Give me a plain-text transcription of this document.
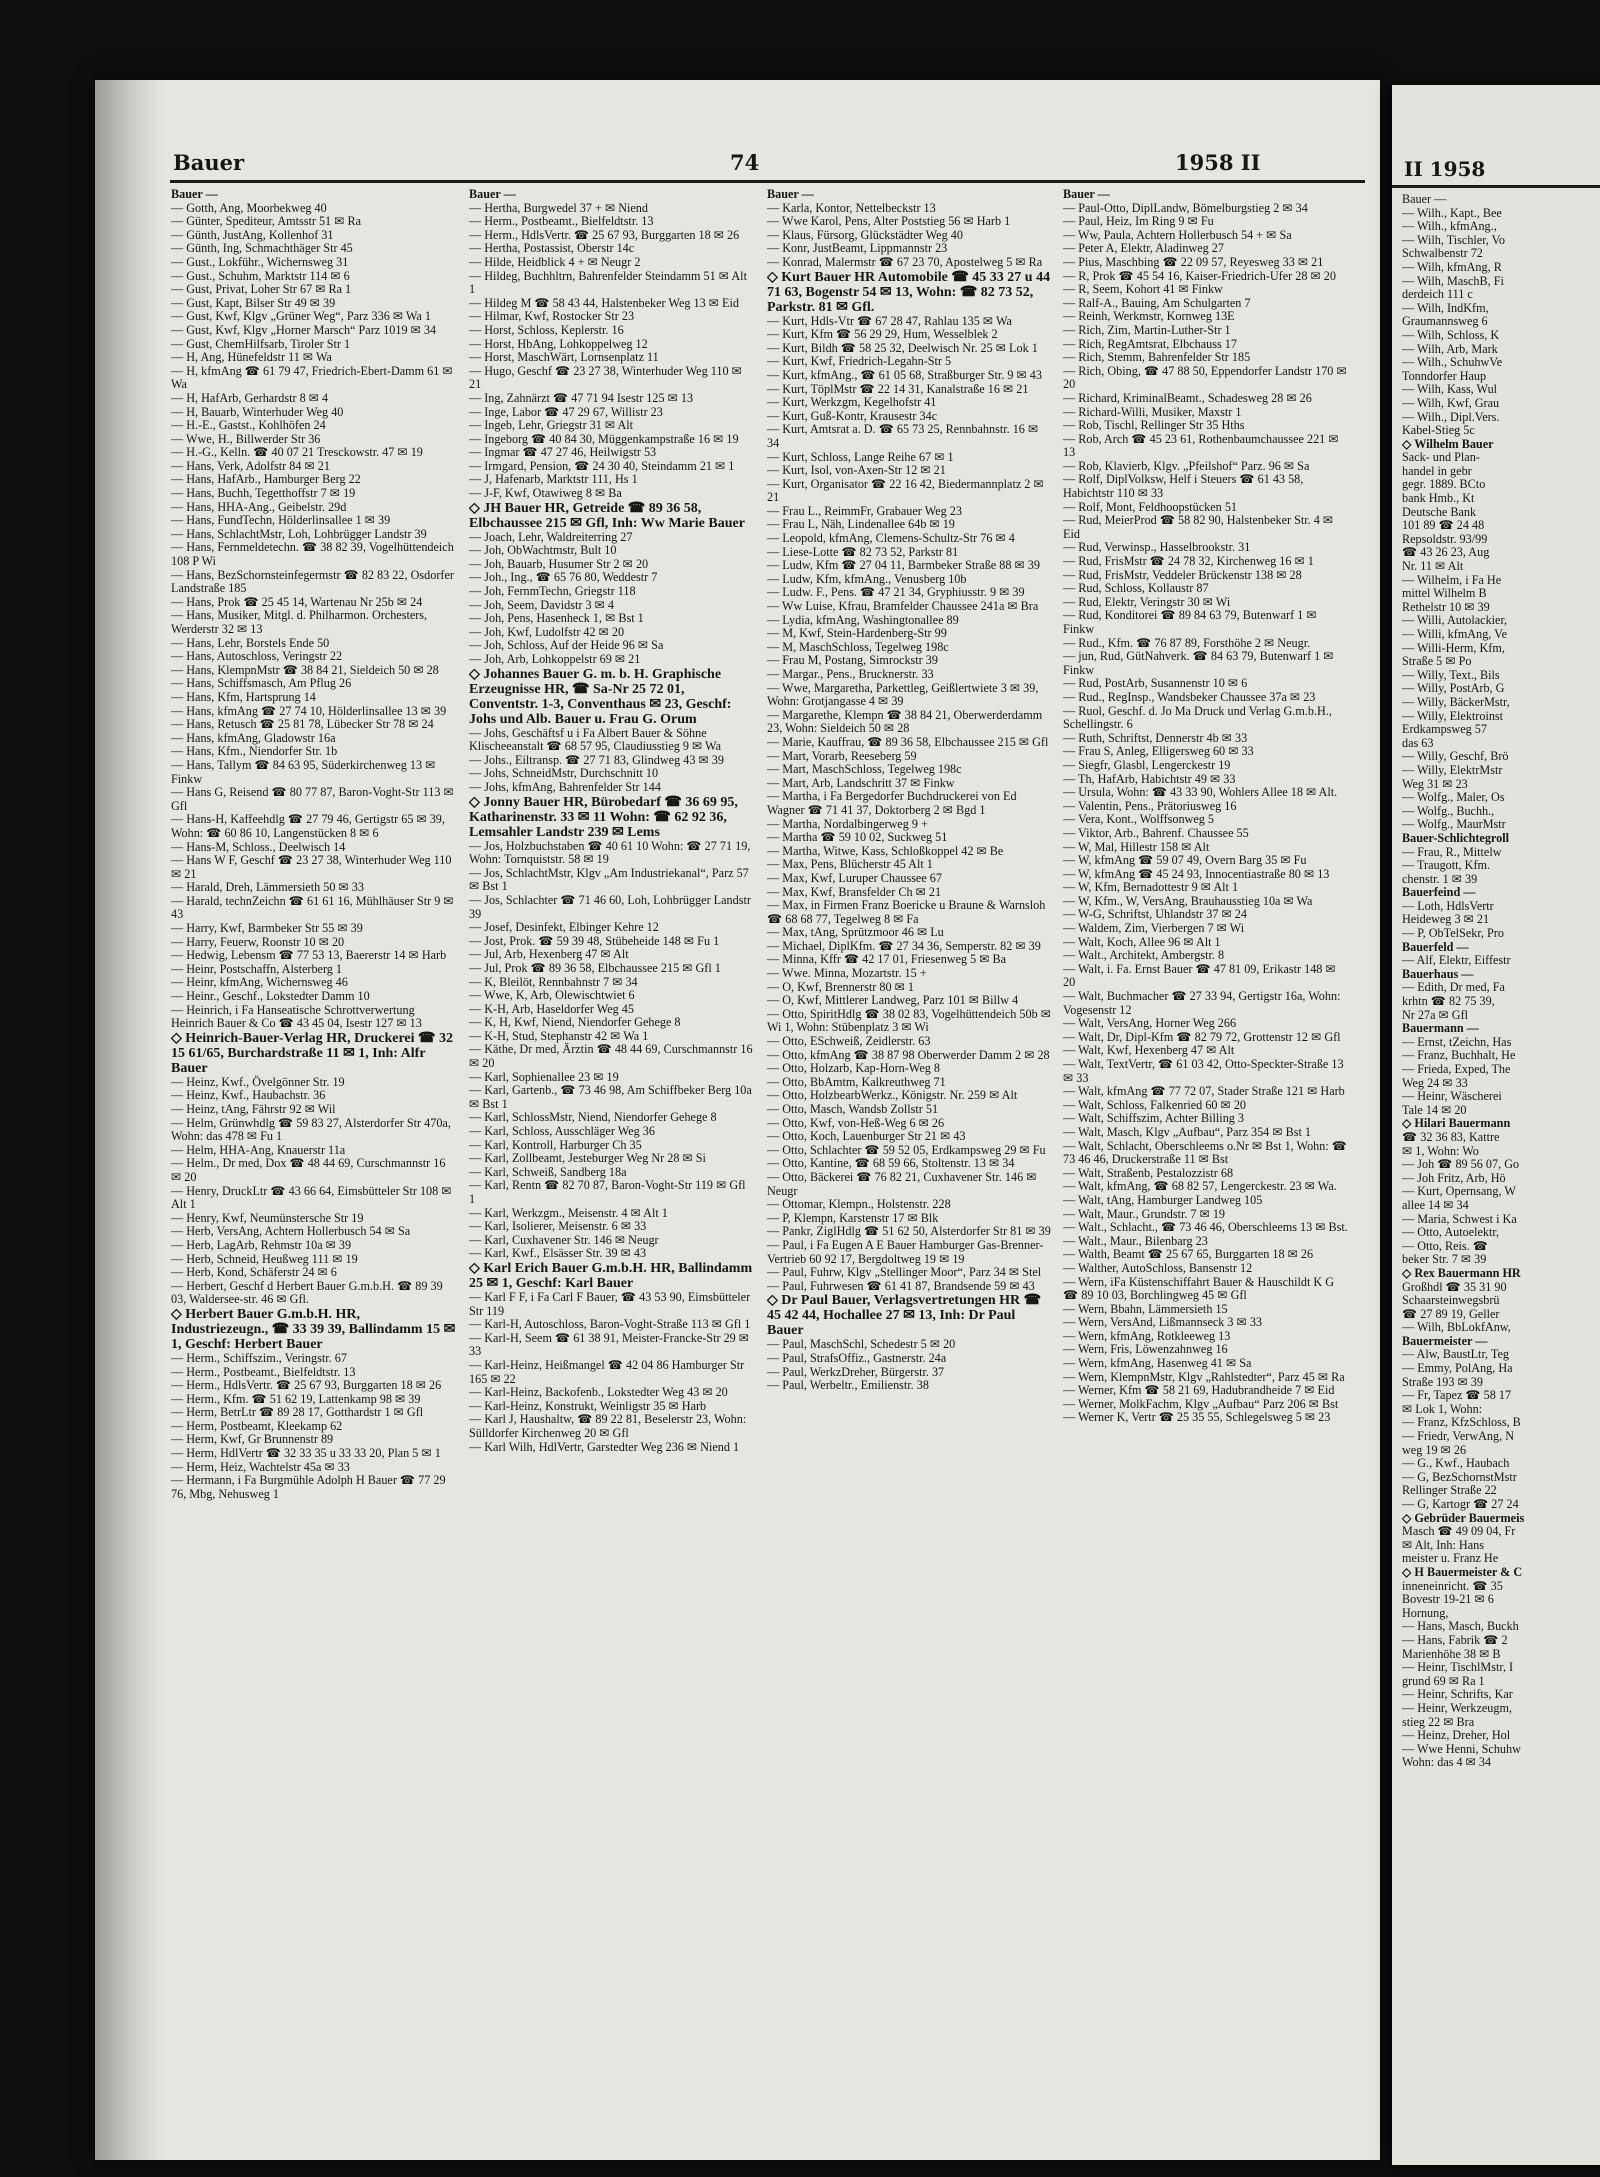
Bauer	74	1958 II

Bauer —

— Gotth, Ang, Moorbekweg 40

— Günter, Spediteur, Amtsstr 51 ✉ Ra

— Günth, JustAng, Kollenhof 31

— Günth, Ing, Schmachthäger Str 45

— Gust., Lokführ., Wichernsweg 31

— Gust., Schuhm, Marktstr 114 ✉ 6

— Gust, Privat, Loher Str 67 ✉ Ra 1

— Gust, Kapt, Bilser Str 49 ✉ 39

— Gust, Kwf, Klgv „Grüner Weg“, Parz 336 ✉ Wa 1

— Gust, Kwf, Klgv „Horner Marsch“ Parz 1019 ✉ 34

— Gust, ChemHilfsarb, Tiroler Str 1

— H, Ang, Hünefeldstr 11 ✉ Wa

— H, kfmAng ☎ 61 79 47, Friedrich-Ebert-Damm 61 ✉ Wa

— H, HafArb, Gerhardstr 8 ✉ 4

— H, Bauarb, Winterhuder Weg 40

— H.-E., Gastst., Kohlhöfen 24

— Wwe, H., Billwerder Str 36

— H.-G., Kelln. ☎ 40 07 21 Tresckowstr. 47 ✉ 19

— Hans, Verk, Adolfstr 84 ✉ 21

— Hans, HafArb., Hamburger Berg 22

— Hans, Buchh, Tegetthoffstr 7 ✉ 19

— Hans, HHA-Ang., Geibelstr. 29d

— Hans, FundTechn, Hölderlinsallee 1 ✉ 39

— Hans, SchlachtMstr, Loh, Lohbrügger Landstr 39

— Hans, Fernmeldetechn. ☎ 38 82 39, Vogelhüttendeich 108 P Wi

— Hans, BezSchornsteinfegermstr ☎ 82 83 22, Osdorfer Landstraße 185

— Hans, Prok ☎ 25 45 14, Wartenau Nr 25b ✉ 24

— Hans, Musiker, Mitgl. d. Philharmon. Orchesters, Werderstr 32 ✉ 13

— Hans, Lehr, Borstels Ende 50

— Hans, Autoschloss, Veringstr 22

— Hans, KlempnMstr ☎ 38 84 21, Sieldeich 50 ✉ 28

— Hans, Schiffsmasch, Am Pflug 26

— Hans, Kfm, Hartsprung 14

— Hans, kfmAng ☎ 27 74 10, Hölderlinsallee 13 ✉ 39

— Hans, Retusch ☎ 25 81 78, Lübecker Str 78 ✉ 24

— Hans, kfmAng, Gladowstr 16a

— Hans, Kfm., Niendorfer Str. 1b

— Hans, Tallym ☎ 84 63 95, Süderkirchenweg 13 ✉ Finkw

— Hans G, Reisend ☎ 80 77 87, Baron-Voght-Str 113 ✉ Gfl

— Hans-H, Kaffeehdlg ☎ 27 79 46, Gertigstr 65 ✉ 39, Wohn: ☎ 60 86 10, Langenstücken 8 ✉ 6

— Hans-M, Schloss., Deelwisch 14

— Hans W F, Geschf ☎ 23 27 38, Winterhuder Weg 110 ✉ 21

— Harald, Dreh, Lämmersieth 50 ✉ 33

— Harald, technZeichn ☎ 61 61 16, Mühlhäuser Str 9 ✉ 43

— Harry, Kwf, Barmbeker Str 55 ✉ 39

— Harry, Feuerw, Roonstr 10 ✉ 20

— Hedwig, Lebensm ☎ 77 53 13, Baererstr 14 ✉ Harb

— Heinr, Postschaffn, Alsterberg 1

— Heinr, kfmAng, Wichernsweg 46

— Heinr., Geschf., Lokstedter Damm 10

— Heinrich, i Fa Hanseatische Schrottverwertung Heinrich Bauer & Co ☎ 43 45 04, Isestr 127 ✉ 13

◇ Heinrich-Bauer-Verlag HR, Druckerei ☎ 32 15 61/65, Burchardstraße 11 ✉ 1, Inh: Alfr Bauer

— Heinz, Kwf., Övelgönner Str. 19

— Heinz, Kwf., Haubachstr. 36

— Heinz, tAng, Fährstr 92 ✉ Wil

— Helm, Grünwhdlg ☎ 59 83 27, Alsterdorfer Str 470a, Wohn: das 478 ✉ Fu 1

— Helm, HHA-Ang, Knauerstr 11a

— Helm., Dr med, Dox ☎ 48 44 69, Curschmannstr 16 ✉ 20

— Henry, DruckLtr ☎ 43 66 64, Eimsbütteler Str 108 ✉ Alt 1

— Henry, Kwf, Neumünstersche Str 19

— Herb, VersAng, Achtern Hollerbusch 54 ✉ Sa

— Herb, LagArb, Rehmstr 10a ✉ 39

— Herb, Schneid, Heußweg 111 ✉ 19

— Herb, Kond, Schäferstr 24 ✉ 6

— Herbert, Geschf d Herbert Bauer G.m.b.H. ☎ 89 39 03, Waldersee-str. 46 ✉ Gfl.

◇ Herbert Bauer G.m.b.H. HR, Industriezeugn., ☎ 33 39 39, Ballindamm 15 ✉ 1, Geschf: Herbert Bauer

— Herm., Schiffszim., Veringstr. 67

— Herm., Postbeamt., Bielfeldtstr. 13

— Herm., HdlsVertr. ☎ 25 67 93, Burggarten 18 ✉ 26

— Herm., Kfm. ☎ 51 62 19, Lattenkamp 98 ✉ 39

— Herm, BetrLtr ☎ 89 28 17, Gotthardstr 1 ✉ Gfl

— Herm, Postbeamt, Kleekamp 62

— Herm, Kwf, Gr Brunnenstr 89

— Herm, HdlVertr ☎ 32 33 35 u 33 33 20, Plan 5 ✉ 1

— Herm, Heiz, Wachtelstr 45a ✉ 33

— Hermann, i Fa Burgmühle Adolph H Bauer ☎ 77 29 76, Mbg, Nehusweg 1

Bauer —

— Hertha, Burgwedel 37 + ✉ Niend

— Herm., Postbeamt., Bielfeldtstr. 13

— Herm., HdlsVertr. ☎ 25 67 93, Burggarten 18 ✉ 26

— Hertha, Postassist, Oberstr 14c

— Hilde, Heidblick 4 + ✉ Neugr 2

— Hildeg, Buchhltrn, Bahrenfelder Steindamm 51 ✉ Alt 1

— Hildeg M ☎ 58 43 44, Halstenbeker Weg 13 ✉ Eid

— Hilmar, Kwf, Rostocker Str 23

— Horst, Schloss, Keplerstr. 16

— Horst, HbAng, Lohkoppelweg 12

— Horst, MaschWärt, Lornsenplatz 11

— Hugo, Geschf ☎ 23 27 38, Winterhuder Weg 110 ✉ 21

— Ing, Zahnärzt ☎ 47 71 94 Isestr 125 ✉ 13

— Inge, Labor ☎ 47 29 67, Willistr 23

— Ingeb, Lehr, Griegstr 31 ✉ Alt

— Ingeborg ☎ 40 84 30, Müggenkampstraße 16 ✉ 19

— Ingmar ☎ 47 27 46, Heilwigstr 53

— Irmgard, Pension, ☎ 24 30 40, Steindamm 21 ✉ 1

— J, Hafenarb, Marktstr 111, Hs 1

— J-F, Kwf, Otawiweg 8 ✉ Ba

◇ JH Bauer HR, Getreide ☎ 89 36 58, Elbchaussee 215 ✉ Gfl, Inh: Ww Marie Bauer

— Joach, Lehr, Waldreiterring 27

— Joh, ObWachtmstr, Bult 10

— Joh, Bauarb, Husumer Str 2 ✉ 20

— Joh., Ing., ☎ 65 76 80, Weddestr 7

— Joh, FernmTechn, Griegstr 118

— Joh, Seem, Davidstr 3 ✉ 4

— Joh, Pens, Hasenheck 1, ✉ Bst 1

— Joh, Kwf, Ludolfstr 42 ✉ 20

— Joh, Schloss, Auf der Heide 96 ✉ Sa

— Joh, Arb, Lohkoppelstr 69 ✉ 21

◇ Johannes Bauer G. m. b. H. Graphische Erzeugnisse HR, ☎ Sa-Nr 25 72 01, Conventstr. 1-3, Conventhaus ✉ 23, Geschf: Johs und Alb. Bauer u. Frau G. Orum

— Johs, Geschäftsf u i Fa Albert Bauer & Söhne Klischeeanstalt ☎ 68 57 95, Claudiusstieg 9 ✉ Wa

— Johs., Eiltransp. ☎ 27 71 83, Glindweg 43 ✉ 39

— Johs, SchneidMstr, Durchschnitt 10

— Johs, kfmAng, Bahrenfelder Str 144

◇ Jonny Bauer HR, Bürobedarf ☎ 36 69 95, Katharinenstr. 33 ✉ 11 Wohn: ☎ 62 92 36, Lemsahler Landstr 239 ✉ Lems

— Jos, Holzbuchstaben ☎ 40 61 10 Wohn: ☎ 27 71 19, Wohn: Tornquiststr. 58 ✉ 19

— Jos, SchlachtMstr, Klgv „Am Industriekanal“, Parz 57 ✉ Bst 1

— Jos, Schlachter ☎ 71 46 60, Loh, Lohbrügger Landstr 39

— Josef, Desinfekt, Elbinger Kehre 12

— Jost, Prok. ☎ 59 39 48, Stübeheide 148 ✉ Fu 1

— Jul, Arb, Hexenberg 47 ✉ Alt

— Jul, Prok ☎ 89 36 58, Elbchaussee 215 ✉ Gfl 1

— K, Bleilöt, Rennbahnstr 7 ✉ 34

— Wwe, K, Arb, Olewischtwiet 6

— K-H, Arb, Haseldorfer Weg 45

— K, H, Kwf, Niend, Niendorfer Gehege 8

— K-H, Stud, Stephanstr 42 ✉ Wa 1

— Käthe, Dr med, Ärztin ☎ 48 44 69, Curschmannstr 16 ✉ 20

— Karl, Sophienallee 23 ✉ 19

— Karl, Gartenb., ☎ 73 46 98, Am Schiffbeker Berg 10a ✉ Bst 1

— Karl, SchlossMstr, Niend, Niendorfer Gehege 8

— Karl, Schloss, Ausschläger Weg 36

— Karl, Kontroll, Harburger Ch 35

— Karl, Zollbeamt, Jesteburger Weg Nr 28 ✉ Si

— Karl, Schweiß, Sandberg 18a

— Karl, Rentn ☎ 82 70 87, Baron-Voght-Str 119 ✉ Gfl 1

— Karl, Werkzgm., Meisenstr. 4 ✉ Alt 1

— Karl, Isolierer, Meisenstr. 6 ✉ 33

— Karl, Cuxhavener Str. 146 ✉ Neugr

— Karl, Kwf., Elsässer Str. 39 ✉ 43

◇ Karl Erich Bauer G.m.b.H. HR, Ballindamm 25 ✉ 1, Geschf: Karl Bauer

— Karl F F, i Fa Carl F Bauer, ☎ 43 53 90, Eimsbütteler Str 119

— Karl-H, Autoschloss, Baron-Voght-Straße 113 ✉ Gfl 1

— Karl-H, Seem ☎ 61 38 91, Meister-Francke-Str 29 ✉ 33

— Karl-Heinz, Heißmangel ☎ 42 04 86 Hamburger Str 165 ✉ 22

— Karl-Heinz, Backofenb., Lokstedter Weg 43 ✉ 20

— Karl-Heinz, Konstrukt, Weinligstr 35 ✉ Harb

— Karl J, Haushaltw, ☎ 89 22 81, Beselerstr 23, Wohn: Sülldorfer Kirchenweg 20 ✉ Gfl

— Karl Wilh, HdlVertr, Garstedter Weg 236 ✉ Niend 1

Bauer —

— Karla, Kontor, Nettelbeckstr 13

— Wwe Karol, Pens, Alter Poststieg 56 ✉ Harb 1

— Klaus, Fürsorg, Glückstädter Weg 40

— Konr, JustBeamt, Lippmannstr 23

— Konrad, Malermstr ☎ 67 23 70, Apostelweg 5 ✉ Ra

◇ Kurt Bauer HR Automobile ☎ 45 33 27 u 44 71 63, Bogenstr 54 ✉ 13, Wohn: ☎ 82 73 52, Parkstr. 81 ✉ Gfl.

— Kurt, Hdls-Vtr ☎ 67 28 47, Rahlau 135 ✉ Wa

— Kurt, Kfm ☎ 56 29 29, Hum, Wesselblek 2

— Kurt, Bildh ☎ 58 25 32, Deelwisch Nr. 25 ✉ Lok 1

— Kurt, Kwf, Friedrich-Legahn-Str 5

— Kurt, kfmAng., ☎ 61 05 68, Straßburger Str. 9 ✉ 43

— Kurt, TöplMstr ☎ 22 14 31, Kanalstraße 16 ✉ 21

— Kurt, Werkzgm, Kegelhofstr 41

— Kurt, Guß-Kontr, Krausestr 34c

— Kurt, Amtsrat a. D. ☎ 65 73 25, Rennbahnstr. 16 ✉ 34

— Kurt, Schloss, Lange Reihe 67 ✉ 1

— Kurt, Isol, von-Axen-Str 12 ✉ 21

— Kurt, Organisator ☎ 22 16 42, Biedermannplatz 2 ✉ 21

— Frau L., ReimmFr, Grabauer Weg 23

— Frau L, Näh, Lindenallee 64b ✉ 19

— Leopold, kfmAng, Clemens-Schultz-Str 76 ✉ 4

— Liese-Lotte ☎ 82 73 52, Parkstr 81

— Ludw, Kfm ☎ 27 04 11, Barmbeker Straße 88 ✉ 39

— Ludw, Kfm, kfmAng., Venusberg 10b

— Ludw. F., Pens. ☎ 47 21 34, Gryphiusstr. 9 ✉ 39

— Ww Luise, Kfrau, Bramfelder Chaussee 241a ✉ Bra

— Lydia, kfmAng, Washingtonallee 89

— M, Kwf, Stein-Hardenberg-Str 99

— M, MaschSchloss, Tegelweg 198c

— Frau M, Postang, Simrockstr 39

— Margar., Pens., Brucknerstr. 33

— Wwe, Margaretha, Parkettleg, Geißlertwiete 3 ✉ 39, Wohn: Grotjangasse 4 ✉ 39

— Margarethe, Klempn ☎ 38 84 21, Oberwerderdamm 23, Wohn: Sieldeich 50 ✉ 28

— Marie, Kauffrau, ☎ 89 36 58, Elbchaussee 215 ✉ Gfl

— Mart, Vorarb, Reeseberg 59

— Mart, MaschSchloss, Tegelweg 198c

— Mart, Arb, Landschritt 37 ✉ Finkw

— Martha, i Fa Bergedorfer Buchdruckerei von Ed Wagner ☎ 71 41 37, Doktorberg 2 ✉ Bgd 1

— Martha, Nordalbingerweg 9 +

— Martha ☎ 59 10 02, Suckweg 51

— Martha, Witwe, Kass, Schloßkoppel 42 ✉ Be

— Max, Pens, Blücherstr 45 Alt 1

— Max, Kwf, Luruper Chaussee 67

— Max, Kwf, Bransfelder Ch ✉ 21

— Max, in Firmen Franz Boericke u Braune & Warnsloh ☎ 68 68 77, Tegelweg 8 ✉ Fa

— Max, tAng, Sprützmoor 46 ✉ Lu

— Michael, DiplKfm. ☎ 27 34 36, Semperstr. 82 ✉ 39

— Minna, Kffr ☎ 42 17 01, Friesenweg 5 ✉ Ba

— Wwe. Minna, Mozartstr. 15 +

— O, Kwf, Brennerstr 80 ✉ 1

— O, Kwf, Mittlerer Landweg, Parz 101 ✉ Billw 4

— Otto, SpiritHdlg ☎ 38 02 83, Vogelhüttendeich 50b ✉ Wi 1, Wohn: Stübenplatz 3 ✉ Wi

— Otto, ESchweiß, Zeidlerstr. 63

— Otto, kfmAng ☎ 38 87 98 Oberwerder Damm 2 ✉ 28

— Otto, Holzarb, Kap-Horn-Weg 8

— Otto, BbAmtm, Kalkreuthweg 71

— Otto, HolzbearbWerkz., Königstr. Nr. 259 ✉ Alt

— Otto, Masch, Wandsb Zollstr 51

— Otto, Kwf, von-Heß-Weg 6 ✉ 26

— Otto, Koch, Lauenburger Str 21 ✉ 43

— Otto, Schlachter ☎ 59 52 05, Erdkampsweg 29 ✉ Fu

— Otto, Kantine, ☎ 68 59 66, Stoltenstr. 13 ✉ 34

— Otto, Bäckerei ☎ 76 82 21, Cuxhavener Str. 146 ✉ Neugr

— Ottomar, Klempn., Holstenstr. 228

— P, Klempn, Karstenstr 17 ✉ Blk

— Pankr, ZiglHdlg ☎ 51 62 50, Alsterdorfer Str 81 ✉ 39

— Paul, i Fa Eugen A E Bauer Hamburger Gas-Brenner-Vertrieb 60 92 17, Bergdoltweg 19 ✉ 19

— Paul, Fuhrw, Klgv „Stellinger Moor“, Parz 34 ✉ Stel

— Paul, Fuhrwesen ☎ 61 41 87, Brandsende 59 ✉ 43

◇ Dr Paul Bauer, Verlagsvertretungen HR ☎ 45 42 44, Hochallee 27 ✉ 13, Inh: Dr Paul Bauer

— Paul, MaschSchl, Schedestr 5 ✉ 20

— Paul, StrafsOffiz., Gastnerstr. 24a

— Paul, WerkzDreher, Bürgerstr. 37

— Paul, Werbeltr., Emilienstr. 38

Bauer —

— Paul-Otto, DiplLandw, Bömelburgstieg 2 ✉ 34

— Paul, Heiz, Im Ring 9 ✉ Fu

— Ww, Paula, Achtern Hollerbusch 54 + ✉ Sa

— Peter A, Elektr, Aladinweg 27

— Pius, Maschbing ☎ 22 09 57, Reyesweg 33 ✉ 21

— R, Prok ☎ 45 54 16, Kaiser-Friedrich-Ufer 28 ✉ 20

— R, Seem, Kohort 41 ✉ Finkw

— Ralf-A., Bauing, Am Schulgarten 7

— Reinh, Werkmstr, Kornweg 13E

— Rich, Zim, Martin-Luther-Str 1

— Rich, RegAmtsrat, Elbchauss 17

— Rich, Stemm, Bahrenfelder Str 185

— Rich, Obing, ☎ 47 88 50, Eppendorfer Landstr 170 ✉ 20

— Richard, KriminalBeamt., Schadesweg 28 ✉ 26

— Richard-Willi, Musiker, Maxstr 1

— Rob, Tischl, Rellinger Str 35 Hths

— Rob, Arch ☎ 45 23 61, Rothenbaumchaussee 221 ✉ 13

— Rob, Klavierb, Klgv. „Pfeilshof“ Parz. 96 ✉ Sa

— Rolf, DiplVolksw, Helf i Steuers ☎ 61 43 58, Habichtstr 110 ✉ 33

— Rolf, Mont, Feldhoopstücken 51

— Rud, MeierProd ☎ 58 82 90, Halstenbeker Str. 4 ✉ Eid

— Rud, Verwinsp., Hasselbrookstr. 31

— Rud, FrisMstr ☎ 24 78 32, Kirchenweg 16 ✉ 1

— Rud, FrisMstr, Veddeler Brückenstr 138 ✉ 28

— Rud, Schloss, Kollaustr 87

— Rud, Elektr, Veringstr 30 ✉ Wi

— Rud, Konditorei ☎ 89 84 63 79, Butenwarf 1 ✉ Finkw

— Rud., Kfm. ☎ 76 87 89, Forsthöhe 2 ✉ Neugr.

— jun, Rud, GütNahverk. ☎ 84 63 79, Butenwarf 1 ✉ Finkw

— Rud, PostArb, Susannenstr 10 ✉ 6

— Rud., RegInsp., Wandsbeker Chaussee 37a ✉ 23

— Ruol, Geschf. d. Jo Ma Druck und Verlag G.m.b.H., Schellingstr. 6

— Ruth, Schriftst, Dennerstr 4b ✉ 33

— Frau S, Anleg, Elligersweg 60 ✉ 33

— Siegfr, Glasbl, Lengerckestr 19

— Th, HafArb, Habichtstr 49 ✉ 33

— Ursula, Wohn: ☎ 43 33 90, Wohlers Allee 18 ✉ Alt.

— Valentin, Pens., Prätoriusweg 16

— Vera, Kont., Wolffsonweg 5

— Viktor, Arb., Bahrenf. Chaussee 55

— W, Mal, Hillestr 158 ✉ Alt

— W, kfmAng ☎ 59 07 49, Overn Barg 35 ✉ Fu

— W, kfmAng ☎ 45 24 93, Innocentiastraße 80 ✉ 13

— W, Kfm, Bernadottestr 9 ✉ Alt 1

— W, Kfm., W, VersAng, Brauhausstieg 10a ✉ Wa

— W-G, Schriftst, Uhlandstr 37 ✉ 24

— Waldem, Zim, Vierbergen 7 ✉ Wi

— Walt, Koch, Allee 96 ✉ Alt 1

— Walt., Architekt, Ambergstr. 8

— Walt, i. Fa. Ernst Bauer ☎ 47 81 09, Erikastr 148 ✉ 20

— Walt, Buchmacher ☎ 27 33 94, Gertigstr 16a, Wohn: Vogesenstr 12

— Walt, VersAng, Horner Weg 266

— Walt, Dr, Dipl-Kfm ☎ 82 79 72, Grottenstr 12 ✉ Gfl

— Walt, Kwf, Hexenberg 47 ✉ Alt

— Walt, TextVertr, ☎ 61 03 42, Otto-Speckter-Straße 13 ✉ 33

— Walt, kfmAng ☎ 77 72 07, Stader Straße 121 ✉ Harb

— Walt, Schloss, Falkenried 60 ✉ 20

— Walt, Schiffszim, Achter Billing 3

— Walt, Masch, Klgv „Aufbau“, Parz 354 ✉ Bst 1

— Walt, Schlacht, Oberschleems o.Nr ✉ Bst 1, Wohn: ☎ 73 46 46, Druckerstraße 11 ✉ Bst

— Walt, Straßenb, Pestalozzistr 68

— Walt, kfmAng, ☎ 68 82 57, Lengerckestr. 23 ✉ Wa.

— Walt, tAng, Hamburger Landweg 105

— Walt, Maur., Grundstr. 7 ✉ 19

— Walt., Schlacht., ☎ 73 46 46, Oberschleems 13 ✉ Bst.

— Walt., Maur., Bilenbarg 23

— Walth, Beamt ☎ 25 67 65, Burggarten 18 ✉ 26

— Walther, AutoSchloss, Bansenstr 12

— Wern, iFa Küstenschiffahrt Bauer & Hauschildt K G ☎ 89 10 03, Borchlingweg 45 ✉ Gfl

— Wern, Bbahn, Lämmersieth 15

— Wern, VersAnd, Lißmannseck 3 ✉ 33

— Wern, kfmAng, Rotkleeweg 13

— Wern, Fris, Löwenzahnweg 16

— Wern, kfmAng, Hasenweg 41 ✉ Sa

— Wern, KlempnMstr, Klgv „Rahlstedter“, Parz 45 ✉ Ra

— Werner, Kfm ☎ 58 21 69, Hadubrandheide 7 ✉ Eid

— Werner, MolkFachm, Klgv „Aufbau“ Parz 206 ✉ Bst

— Werner K, Vertr ☎ 25 35 55, Schlegelsweg 5 ✉ 23

II 1958

Bauer —

— Wilh., Kapt., Bee

— Wilh., kfmAng.,

— Wilh, Tischler, Vo

Schwalbenstr 72

— Wilh, kfmAng, R

— Wilh, MaschB, Fi

derdeich 111 c

— Wilh, IndKfm,

Graumannsweg 6

— Wilh, Schloss, K

— Wilh, Arb, Mark

— Wilh., SchuhwVe

Tonndorfer Haup

— Wilh, Kass, Wul

— Wilh, Kwf, Grau

— Wilh., Dipl.Vers.

Kabel-Stieg 5c

◇ Wilhelm Bauer

Sack- und Plan-

handel in gebr

gegr. 1889. BCto

bank Hmb., Kt

Deutsche Bank

101 89 ☎ 24 48

Repsoldstr. 93/99

☎ 43 26 23, Aug

Nr. 11 ✉ Alt

— Wilhelm, i Fa He

mittel Wilhelm B

Rethelstr 10 ✉ 39

— Willi, Autolackier,

— Willi, kfmAng, Ve

— Willi-Herm, Kfm,

Straße 5 ✉ Po

— Willy, Text., Bils

— Willy, PostArb, G

— Willy, BäckerMstr,

— Willy, Elektroinst

Erdkampsweg 57

das 63

— Willy, Geschf, Brö

— Willy, ElektrMstr

Weg 31 ✉ 23

— Wolfg., Maler, Os

— Wolfg., Buchh.,

— Wolfg., MaurMstr

Bauer-Schlichtegroll

— Frau, R., Mittelw

— Traugott, Kfm.

chenstr. 1 ✉ 39

Bauerfeind —

— Loth, HdlsVertr

Heideweg 3 ✉ 21

— P, ObTelSekr, Pro

Bauerfeld —

— Alf, Elektr, Eiffestr

Bauerhaus —

— Edith, Dr med, Fa

krhtn ☎ 82 75 39,

Nr 27a ✉ Gfl

Bauermann —

— Ernst, tZeichn, Has

— Franz, Buchhalt, He

— Frieda, Exped, The

Weg 24 ✉ 33

— Heinr, Wäscherei

Tale 14 ✉ 20

◇ Hilari Bauermann

☎ 32 36 83, Kattre

✉ 1, Wohn: Wo

— Joh ☎ 89 56 07, Go

— Joh Fritz, Arb, Hö

— Kurt, Opernsang, W

allee 14 ✉ 34

— Maria, Schwest i Ka

— Otto, Autoelektr,

— Otto, Reis. ☎

beker Str. 7 ✉ 39

◇ Rex Bauermann HR

Großhdl ☎ 35 31 90

Schaarsteinwegsbrü

☎ 27 89 19, Geller

— Wilh, BbLokfAnw,

Bauermeister —

— Alw, BaustLtr, Teg

— Emmy, PolAng, Ha

Straße 193 ✉ 39

— Fr, Tapez ☎ 58 17

✉ Lok 1, Wohn:

— Franz, KfzSchloss, B

— Friedr, VerwAng, N

weg 19 ✉ 26

— G., Kwf., Haubach

— G, BezSchornstMstr

Rellinger Straße 22

— G, Kartogr ☎ 27 24

◇ Gebrüder Bauermeis

Masch ☎ 49 09 04, Fr

✉ Alt, Inh: Hans

meister u. Franz He

◇ H Bauermeister & C

inneneinricht. ☎ 35

Bovestr 19-21 ✉ 6

Hornung,

— Hans, Masch, Buckh

— Hans, Fabrik ☎ 2

Marienhöhe 38 ✉ B

— Heinr, TischlMstr, I

grund 69 ✉ Ra 1

— Heinr, Schrifts, Kar

— Heinr, Werkzeugm,

stieg 22 ✉ Bra

— Heinz, Dreher, Hol

— Wwe Henni, Schuhw

Wohn: das 4 ✉ 34
